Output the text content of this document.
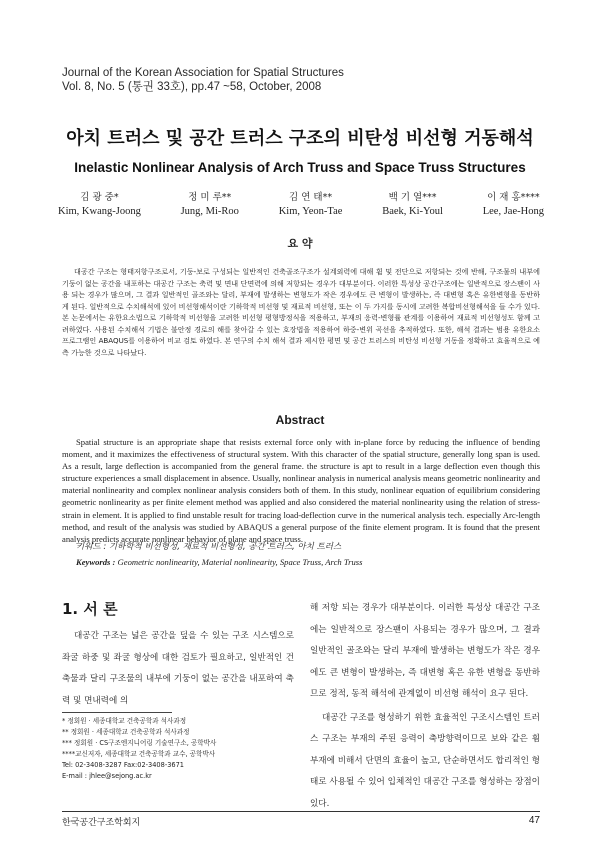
Journal of the Korean Association for Spatial Structures
Vol. 8, No. 5 (통권 33호), pp.47 ~58, October, 2008
아치 트러스 및 공간 트러스 구조의 비탄성 비선형 거동해석
Inelastic Nonlinear Analysis of Arch Truss and Space Truss Structures
김 광 중*
Kim, Kwang-Joong
정 미 루**
Jung, Mi-Roo
김 연 태**
Kim, Yeon-Tae
백 기 열***
Baek, Ki-Youl
이 재 홍****
Lee, Jae-Hong
요 약

대공간 구조는 형태저항구조로서, 기둥-보로 구성되는 일반적인 건축골조구조가 설계외력에 대해 휨 및 전단으로 저항되는 것에 반해, 구조물의 내부에 기둥이 없는 공간을 내포하는 대공간 구조는 축력 및 면내 단면력에 의해 저항되는 경우가 대부분이다. 이러한 특성상 공간구조에는 일반적으로 장스팬이 사용 되는 경우가 많으며, 그 결과 일반적인 골조와는 달리, 부재에 발생하는 변형도가 작은 경우에도 큰 변형이 발생하는, 즉 대변형 혹은 유한변형을 동반하게 된다. 일반적으로 수치해석에 있어 비선형해석이란 기하학적 비선형 및 재료적 비선형, 또는 이 두 가지를 동시에 고려한 복합비선형해석을 들 수가 있다. 본 논문에서는 유한요소법으로 기하학적 비선형을 고려한 비선형 평형방정식을 적용하고, 부재의 응력-변형률 관계를 이용하여 재료적 비선형성도 함께 고려하였다. 사용된 수치해석 기법은 불안정 경로의 해를 찾아갈 수 있는 호장법을 적용하여 하중-변위 곡선을 추적하였다. 또한, 해석 결과는 범용 유한요소 프로그램인 ABAQUS를 이용하여 비교 검토 하였다. 본 연구의 수치 해석 결과 제시한 평면 및 공간 트러스의 비탄성 비선형 거동을 정확하고 효율적으로 예측 가능한 것으로 나타났다.

Abstract

Spatial structure is an appropriate shape that resists external force only with in-plane force by reducing the influence of bending moment, and it maximizes the effectiveness of structural system. With this character of the spatial structure, generally long span is used. As a result, large deflection is accompanied from the general frame. the structure is apt to result in a large deflection even though this structure experiences a small displacement in absence. Usually, nonlinear analysis in numerical analysis means geometric nonlinearity and material nonlinearity and complex nonlinear analysis considers both of them. In this study, nonlinear equation of equilibrium considering geometric nonlinearity as per finite element method was applied and also considered the material nonlinearity using the relation of stress-strain in element. It is applied to find unstable result for tracing load-deflection curve in the numerical analysis tech. especially Arc-length method, and result of the analysis was studied by ABAQUS a general purpose of the finite element program. It is found that the present analysis predicts accurate nonlinear behavior of plane and space truss.

키워드 : 기하학적 비선형성, 재료적 비선형성, 공간 트러스, 아치 트러스
Keywords : Geometric nonlinearity, Material nonlinearity, Space Truss, Arch Truss
1. 서 론

대공간 구조는 넓은 공간을 덮을 수 있는 구조 시스템으로 좌굴 하중 및 좌굴 형상에 대한 검토가 필요하고, 일반적인 건축물과 달리 구조물의 내부에 기둥이 없는 공간을 내포하여 축력 및 면내력에 의

해 저항 되는 경우가 대부분이다. 이러한 특성상 대공간 구조에는 일반적으로 장스팬이 사용되는 경우가 많으며, 그 결과 일반적인 골조와는 달리 부재에 발생하는 변형도가 작은 경우에도 큰 변형이 발생하는, 즉 대변형 혹은 유한 변형을 동반하므로 정적, 동적 해석에 관계없이 비선형 해석이 요구 된다.

대공간 구조를 형성하기 위한 효율적인 구조시스템인 트러스 구조는 부재의 주된 응력이 축방향력이므로 보와 같은 휨 부재에 비해서 단면의 효율이 높고, 단순하면서도 합리적인 형태로 사용될 수 있어 입체적인 대공간 구조를 형성하는 장점이 있다.

* 정회원 · 세종대학교 건축공학과 석사과정
** 정회원 · 세종대학교 건축공학과 석사과정
*** 정회원 · CS구조엔지니어링 기술연구소, 공학박사
****교신저자, 세종대학교 건축공학과 교수, 공학박사
Tel: 02-3408-3287 Fax:02-3408-3671
E-mail : jhlee@sejong.ac.kr
한국공간구조학회지	47
